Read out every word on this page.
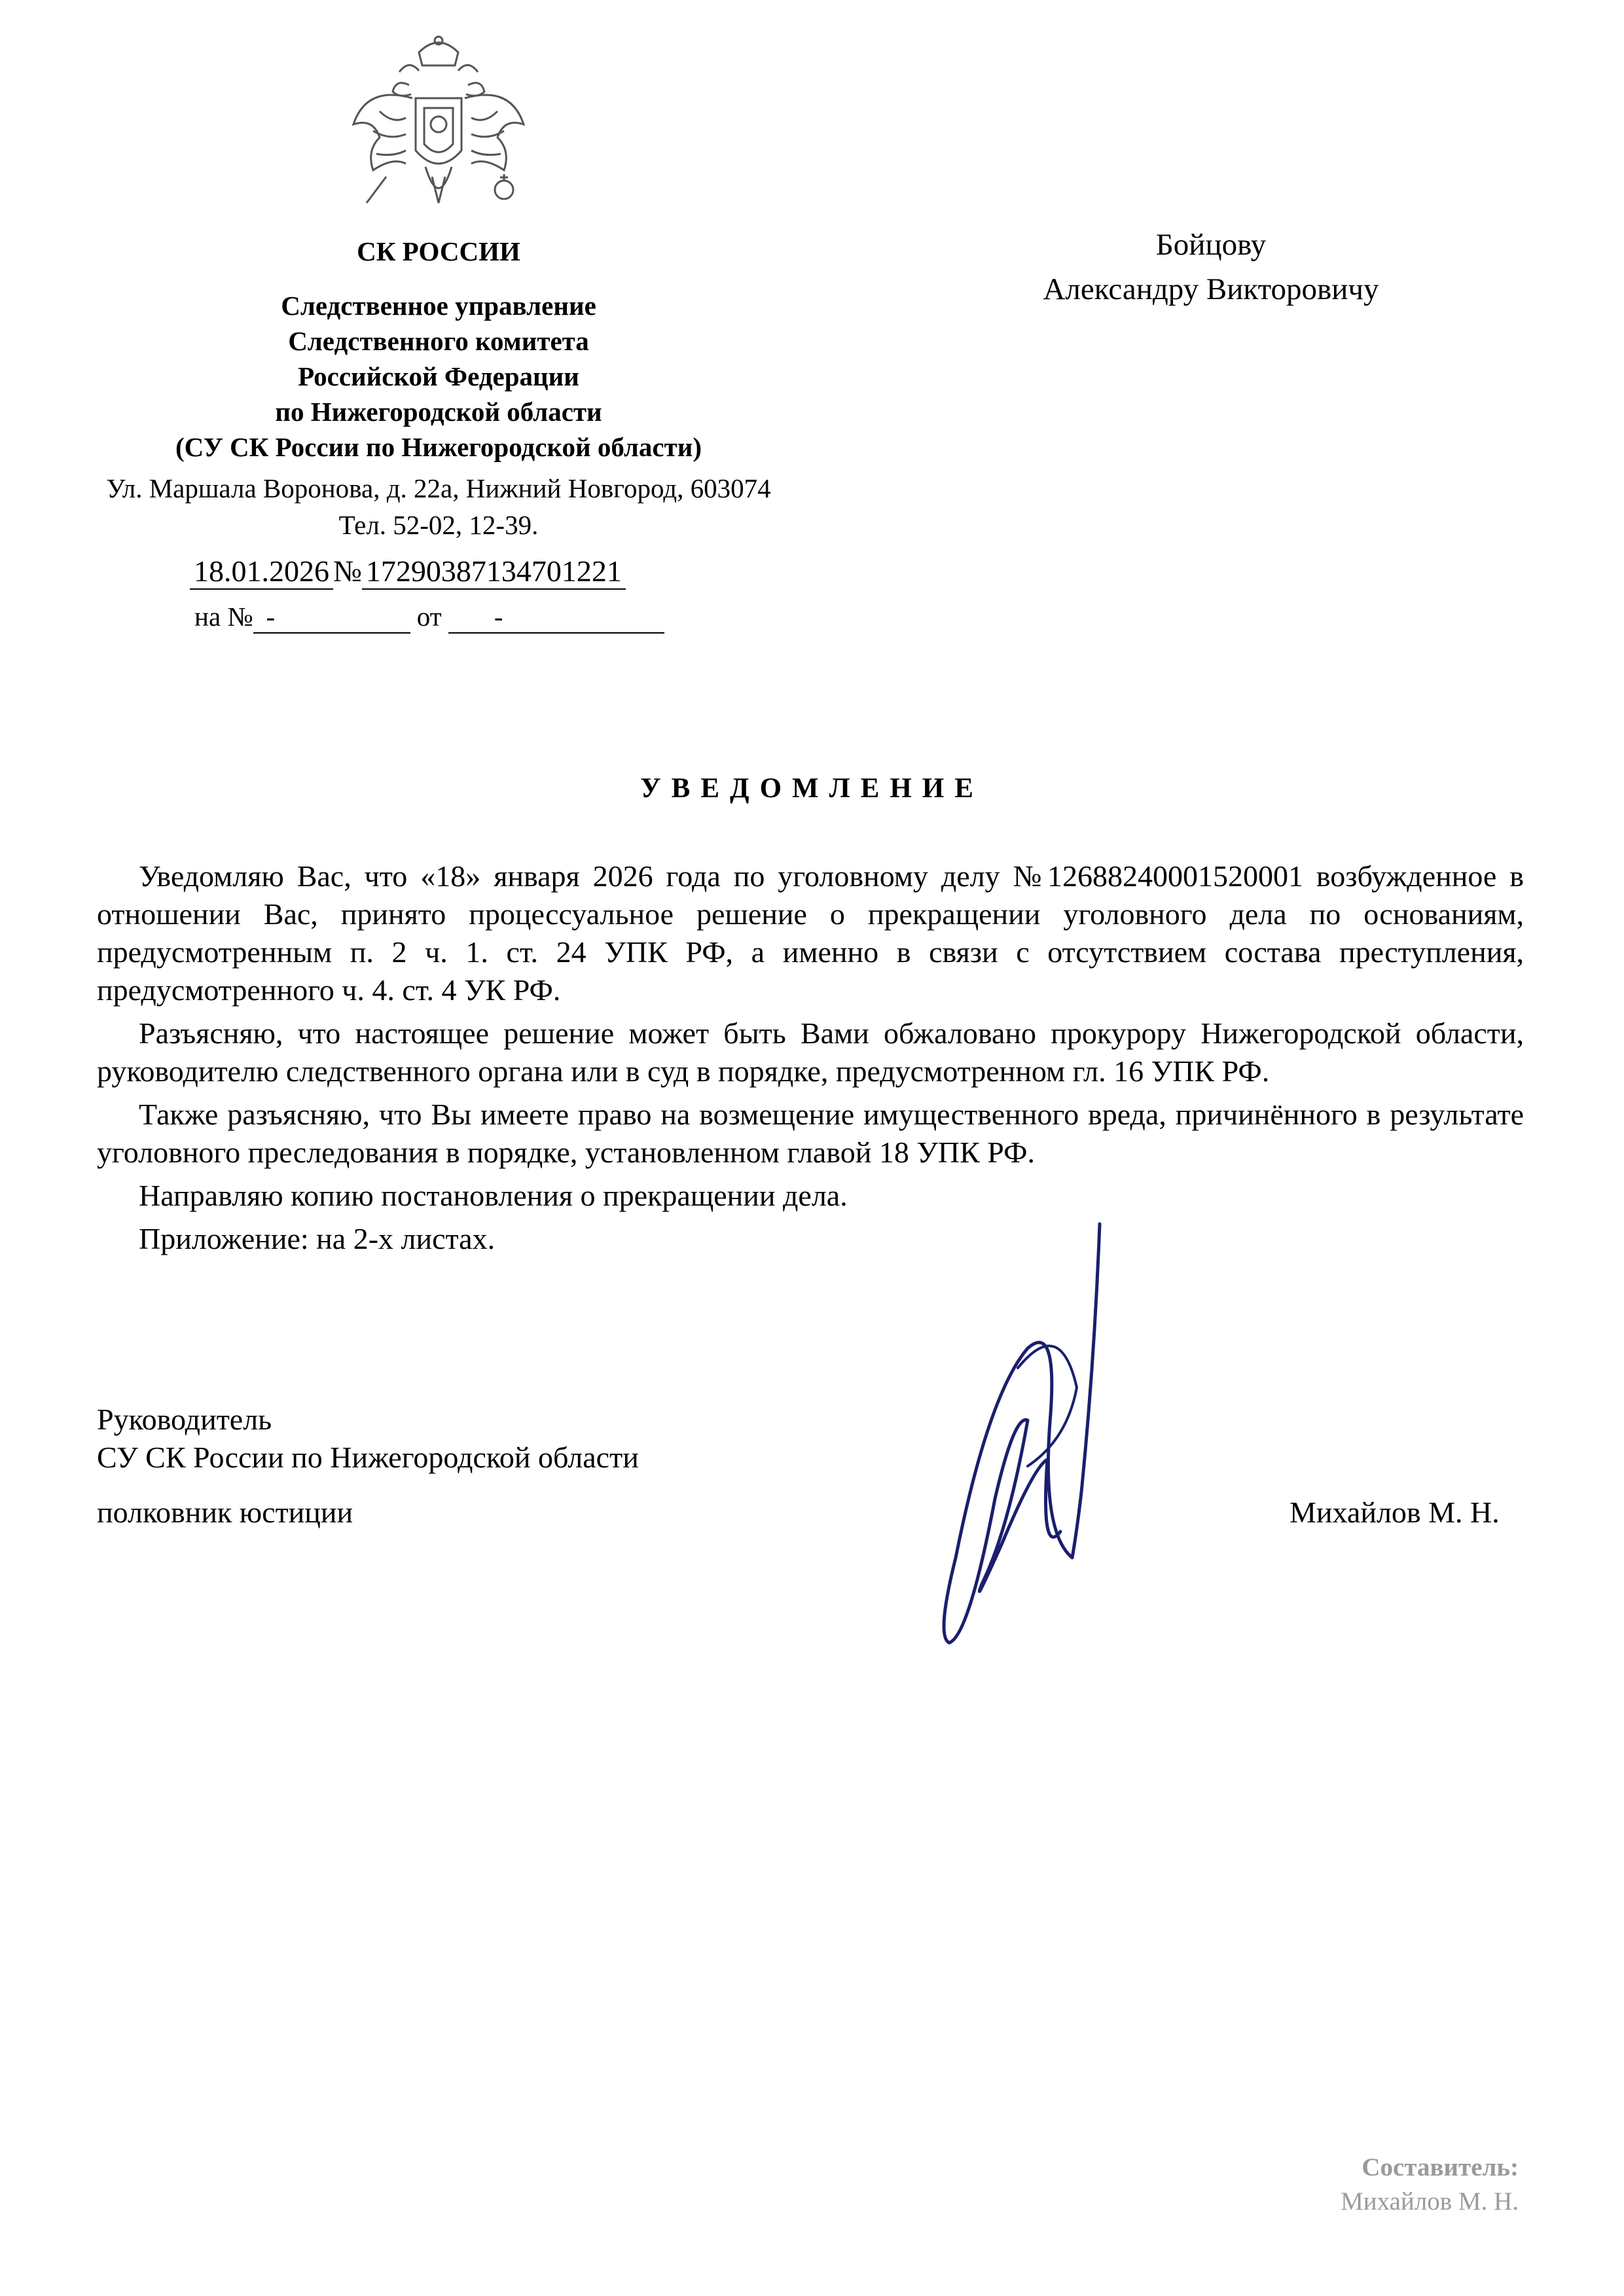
СК РОССИИ
Следственное управление
Следственного комитета
Российской Федерации
по Нижегородской области
(СУ СК России по Нижегородской области)
Ул. Маршала Воронова, д. 22а, Нижний Новгород, 603074
Тел. 52-02, 12-39.
18.01.2026 № 17290387134701221
на № -	от -
Бойцову
Александру Викторовичу
УВЕДОМЛЕНИЕ

Уведомляю Вас, что «18» января 2026 года по уголовному делу №12688240001520001 возбужденное в отношении Вас, принято процессуальное решение о прекращении уголовного дела по основаниям, предусмотренным п. 2 ч. 1. ст. 24 УПК РФ, а именно в связи с отсутствием состава преступления, предусмотренного ч. 4. ст. 4 УК РФ.

Разъясняю, что настоящее решение может быть Вами обжаловано прокурору Нижегородской области, руководителю следственного органа или в суд в порядке, предусмотренном гл. 16 УПК РФ.

Также разъясняю, что Вы имеете право на возмещение имущественного вреда, причинённого в результате уголовного преследования в порядке, установленном главой 18 УПК РФ.

Направляю копию постановления о прекращении дела.

Приложение: на 2-х листах.

Руководитель
СУ СК России по Нижегородской области
полковник юстиции	Михайлов М. Н.
Составитель:
Михайлов М. Н.
